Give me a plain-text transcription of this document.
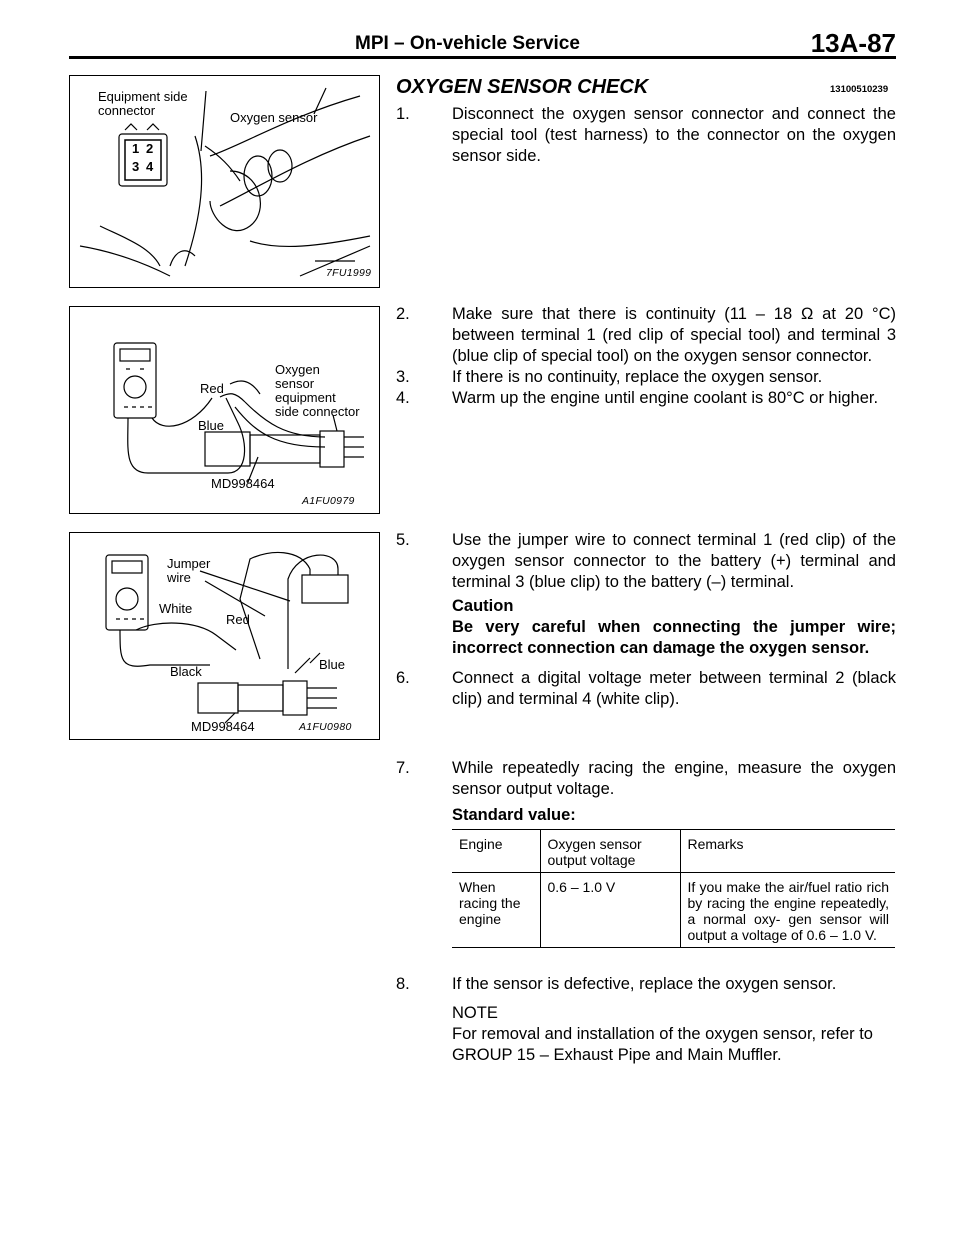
MPI – On-vehicle Service	13A-87
Equipment side
connector	Oxygen sensor
1 2
3 4
7FU1999
Red
Blue
Oxygen
sensor
equipment
side connector
MD998464
A1FU0979
Jumper
wire
White
Red
Black	Blue
MD998464	A1FU0980
OXYGEN SENSOR CHECK	13100510239
1.	Disconnect the oxygen sensor connector and connect the special tool (test harness) to the connector on the oxygen sensor side.
2.	Make sure that there is continuity (11 – 18 Ω at 20 °C) between terminal 1 (red clip of special tool) and terminal 3 (blue clip of special tool) on the oxygen sensor connector.
3.	If there is no continuity, replace the oxygen sensor.
4.	Warm up the engine until engine coolant is 80°C or higher.
5.	Use the jumper wire to connect terminal 1 (red clip) of the oxygen sensor connector to the battery (+) terminal and terminal 3 (blue clip) to the battery (–) terminal.
Caution
Be very careful when connecting the jumper wire; incorrect connection can damage the oxygen sensor.
6.	Connect a digital voltage meter between terminal 2 (black clip) and terminal 4 (white clip).
7.	While repeatedly racing the engine, measure the oxygen sensor output voltage.
Standard value:
Engine	Oxygen sensor output voltage	Remarks
When racing the engine	0.6 – 1.0 V	If you make the air/fuel ratio rich by racing the engine repeatedly, a normal oxy- gen sensor will output a voltage of 0.6 – 1.0 V.
8.	If the sensor is defective, replace the oxygen sensor.
NOTE
For removal and installation of the oxygen sensor, refer to GROUP 15 – Exhaust Pipe and Main Muffler.
